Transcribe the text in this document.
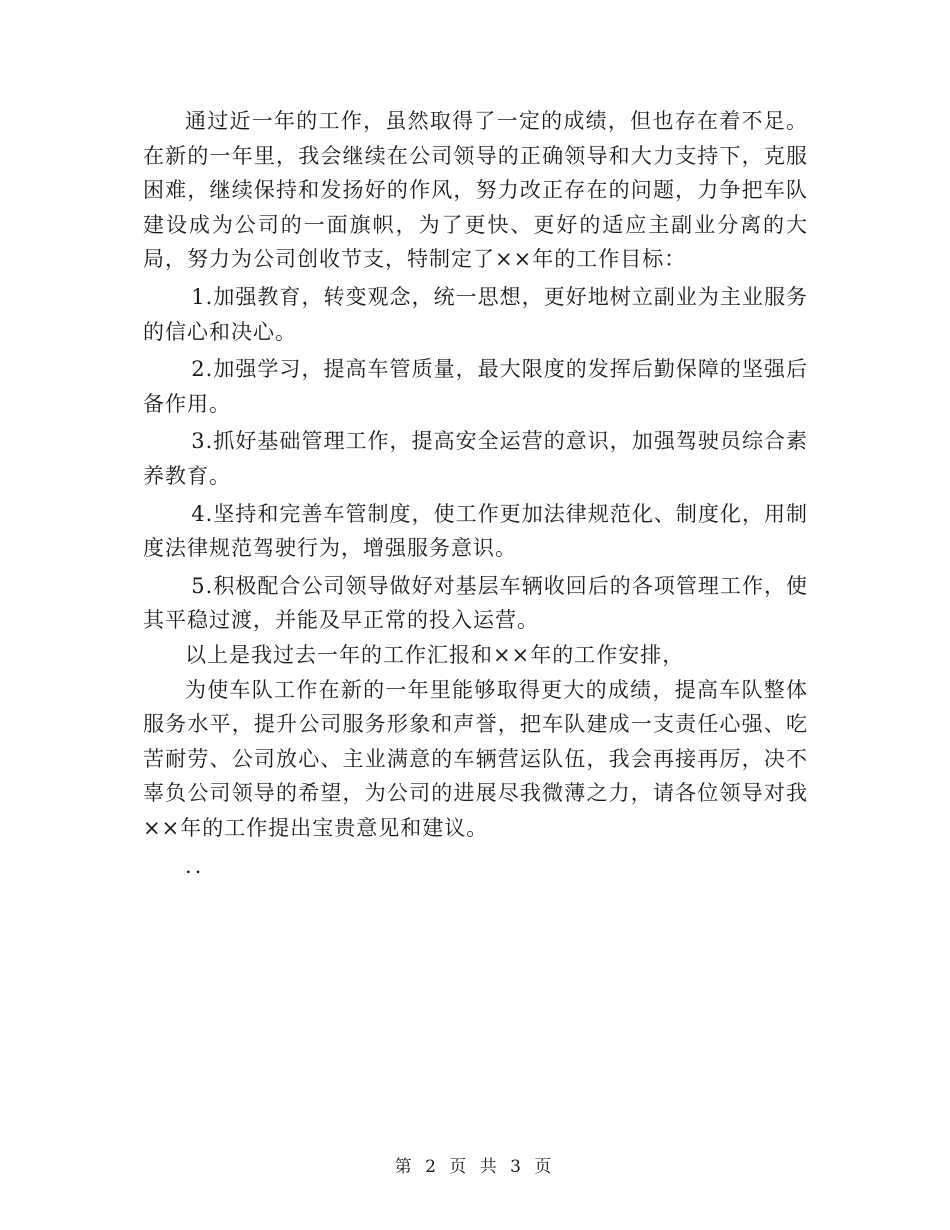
通过近一年的工作，虽然取得了一定的成绩，但也存在着不足。在新的一年里，我会继续在公司领导的正确领导和大力支持下，克服困难，继续保持和发扬好的作风，努力改正存在的问题，力争把车队建设成为公司的一面旗帜，为了更快、更好的适应主副业分离的大局，努力为公司创收节支，特制定了××年的工作目标：

1.加强教育，转变观念，统一思想，更好地树立副业为主业服务的信心和决心。

2.加强学习，提高车管质量，最大限度的发挥后勤保障的坚强后备作用。

3.抓好基础管理工作，提高安全运营的意识，加强驾驶员综合素养教育。

4.坚持和完善车管制度，使工作更加法律规范化、制度化，用制度法律规范驾驶行为，增强服务意识。

5.积极配合公司领导做好对基层车辆收回后的各项管理工作，使其平稳过渡，并能及早正常的投入运营。

以上是我过去一年的工作汇报和××年的工作安排，

为使车队工作在新的一年里能够取得更大的成绩，提高车队整体服务水平，提升公司服务形象和声誉，把车队建成一支责任心强、吃苦耐劳、公司放心、主业满意的车辆营运队伍，我会再接再厉，决不辜负公司领导的希望，为公司的进展尽我微薄之力，请各位领导对我××年的工作提出宝贵意见和建议。

..

第 2 页 共 3 页
